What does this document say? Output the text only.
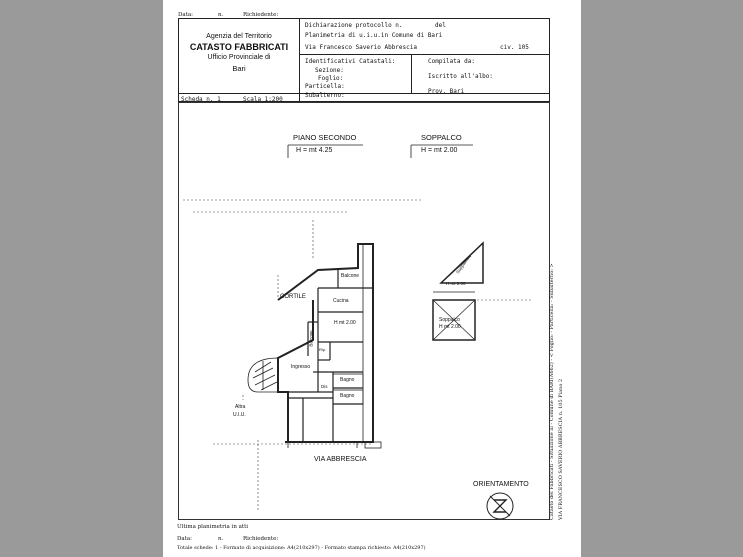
Data:	n.	Richiedente:
Agenzia del Territorio
CATASTO FABBRICATI
Ufficio Provinciale di
Bari
Dichiarazione protocollo n.	del
Planimetria di u.i.u.in Comune di Bari
Via Francesco Saverio Abbrescia	civ. 105
Identificativi Catastali:
Sezione:
Foglio:
Particella:
Subalterno:
Compilata da:
Iscritto all'albo:
Prov. Bari
Scheda n. 1	Scala 1:200
PIANO SECONDO
H = mt 4.25
SOPPALCO
H = mt 2.00
CORTILE
Balcone
Cucina
H mt 2.00
Rip.
Balcone
Ingresso
Dis
Bagno
Bagno
Altra
U.I.U.
Soppalco
H mt 2.00
Soppalco
H mt 2.00
VIA ABBRESCIA
ORIENTAMENTO
Ultima planimetria in atti
Data:	n.	Richiedente:
Totale schede: 1 - Formato di acquisizione: A4(210x297) - Formato stampa richiesto: A4(210x297)
Catasto dei Fabbricati - Situazione al - Comune di BARI(A662) - < Foglio: - Particella: - Subalterno: > VIA FRANCESCO SAVERIO ABBRESCIA n. 105 Piano 2
